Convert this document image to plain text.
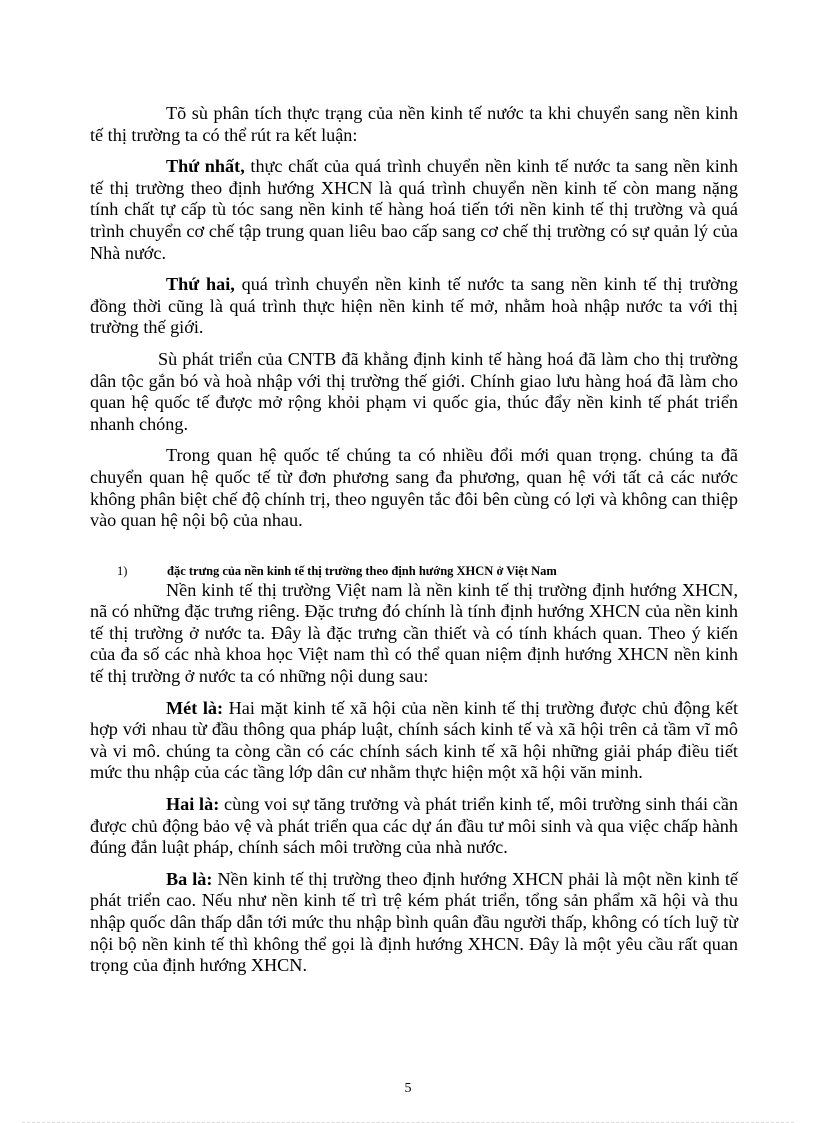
Tõ sù phân tích thực trạng của nền kinh tế nước ta khi chuyển sang nền kinh tế thị trường ta có thể rút ra kết luận:

Thứ nhất, thực chất của quá trình chuyển nền kinh tế nước ta sang nền kinh tế thị trường theo định hướng XHCN là quá trình chuyển nền kinh tế còn mang nặng tính chất tự cấp tù tóc sang nền kinh tế hàng hoá tiến tới nền kinh tế thị trường và quá trình chuyển cơ chế tập trung quan liêu bao cấp sang cơ chế thị trường có sự quản lý của Nhà nước.

Thứ hai, quá trình chuyển nền kinh tế nước ta sang nền kinh tế thị trường đồng thời cũng là quá trình thực hiện nền kinh tế mở, nhằm hoà nhập nước ta với thị trường thế giới.

Sù phát triển của CNTB đã khẳng định kinh tế hàng hoá đã làm cho thị trường dân tộc gắn bó và hoà nhập với thị trường thế giới. Chính giao lưu hàng hoá đã làm cho quan hệ quốc tế được mở rộng khỏi phạm vi quốc gia, thúc đẩy nền kinh tế phát triển nhanh chóng.

Trong quan hệ quốc tế chúng ta có nhiều đổi mới quan trọng. chúng ta đã chuyển quan hệ quốc tế từ đơn phương sang đa phương, quan hệ với tất cả các nước không phân biệt chế độ chính trị, theo nguyên tắc đôi bên cùng có lợi và không can thiệp vào quan hệ nội bộ của nhau.

1)	đặc trưng của nền kinh tế thị trường theo định hướng XHCN ở Việt Nam

Nền kinh tế thị trường Việt nam là nền kinh tế thị trường định hướng XHCN, nã có những đặc trưng riêng. Đặc trưng đó chính là tính định hướng XHCN của nền kinh tế thị trường ở nước ta. Đây là đặc trưng cần thiết và có tính khách quan. Theo ý kiến của đa số các nhà khoa học Việt nam thì có thể quan niệm định hướng XHCN nền kinh tế thị trường ở nước ta có những nội dung sau:

Mét là: Hai mặt kinh tế xã hội của nền kinh tế thị trường được chủ động kết hợp với nhau từ đầu thông qua pháp luật, chính sách kinh tế và xã hội trên cả tầm vĩ mô và vi mô. chúng ta còng cần có các chính sách kinh tế xã hội những giải pháp điều tiết mức thu nhập của các tầng lớp dân cư nhằm thực hiện một xã hội văn minh.

Hai là: cùng voi sự tăng trưởng và phát triển kinh tế, môi trường sinh thái cần được chủ động bảo vệ và phát triển qua các dự án đầu tư môi sinh và qua việc chấp hành đúng đắn luật pháp, chính sách môi trường của nhà nước.

Ba là: Nền kinh tế thị trường theo định hướng XHCN phải là một nền kinh tế phát triển cao. Nếu như nền kinh tế trì trệ kém phát triển, tổng sản phẩm xã hội và thu nhập quốc dân thấp dẫn tới mức thu nhập bình quân đầu người thấp, không có tích luỹ từ nội bộ nền kinh tế thì không thể gọi là định hướng XHCN. Đây là một yêu cầu rất quan trọng của định hướng XHCN.

5
